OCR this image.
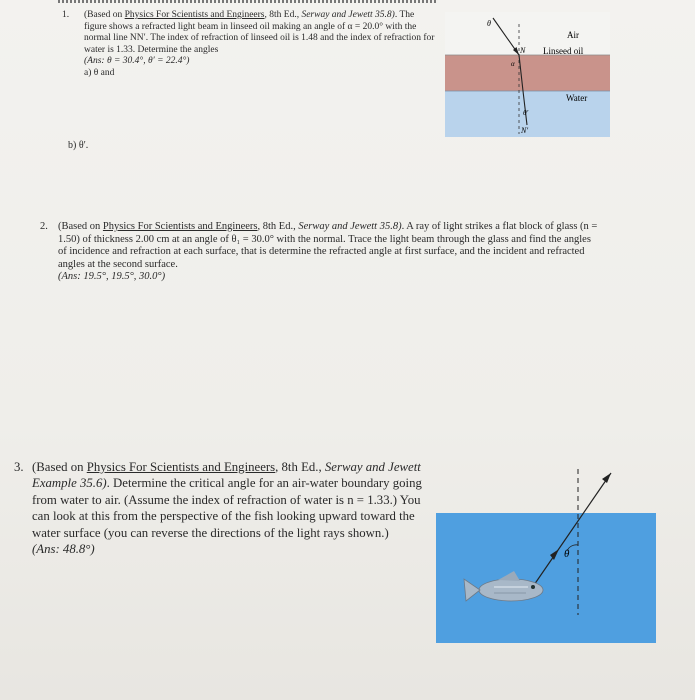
1. (Based on Physics For Scientists and Engineers, 8th Ed., Serway and Jewett 35.8). The figure shows a refracted light beam in linseed oil making an angle of α = 20.0° with the normal line NN′. The index of refraction of linseed oil is 1.48 and the index of refraction for water is 1.33. Determine the angles
(Ans: θ = 30.4°, θ′ = 22.4°)
a) θ and
b) θ′.
θ
α
θ′
N
N′
Air
Linseed oil
Water
2. (Based on Physics For Scientists and Engineers, 8th Ed., Serway and Jewett 35.8). A ray of light strikes a flat block of glass (n = 1.50) of thickness 2.00 cm at an angle of θ₁ = 30.0° with the normal. Trace the light beam through the glass and find the angles of incidence and refraction at each surface, that is determine the refracted angle at first surface, and the incident and refracted angles at the second surface.
(Ans: 19.5°, 19.5°, 30.0°)
3. (Based on Physics For Scientists and Engineers, 8th Ed., Serway and Jewett Example 35.6). Determine the critical angle for an air-water boundary going from water to air. (Assume the index of refraction of water is n = 1.33.) You can look at this from the perspective of the fish looking upward toward the water surface (you can reverse the directions of the light rays shown.)
(Ans: 48.8°)	θ
